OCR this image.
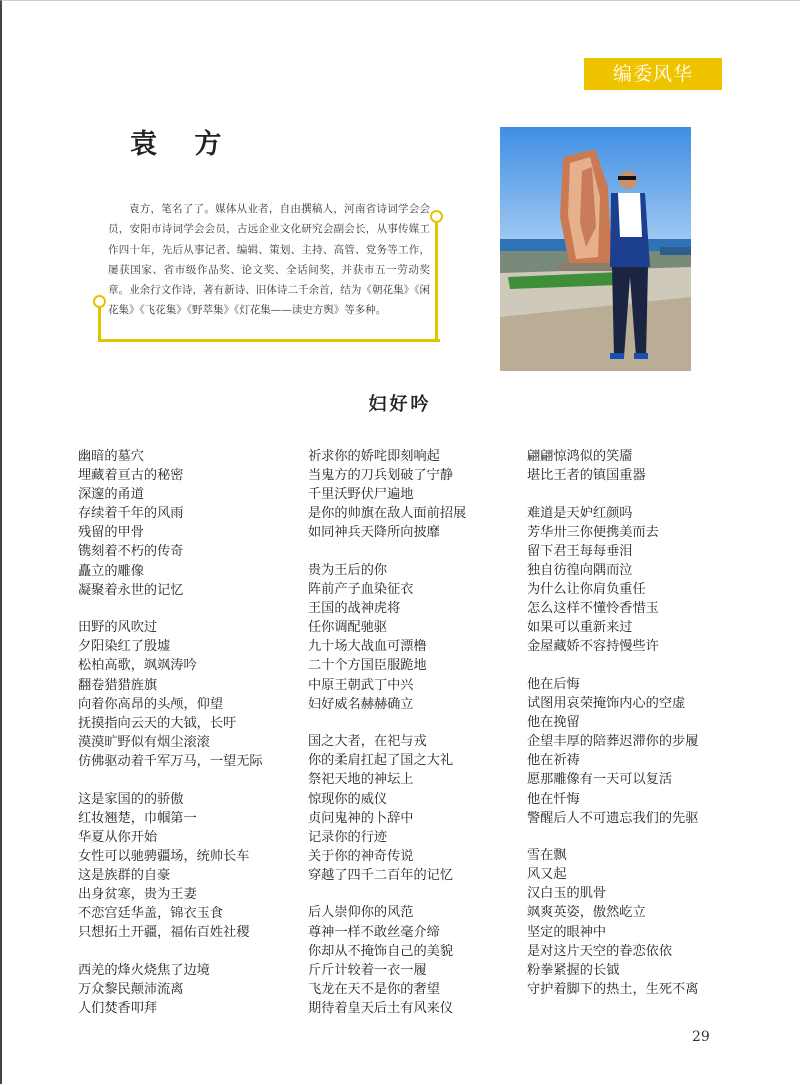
编委风华
袁 方
袁方，笔名了了。媒体从业者，自由撰稿人，河南省诗词学会会员，安阳市诗词学会会员，古远企业文化研究会副会长，从事传媒工作四十年，先后从事记者、编辑、策划、主持、高管、党务等工作，屡获国家、省市级作品奖、论文奖、全话间奖，并获市五一劳动奖章。业余行文作诗，著有新诗、旧体诗二千余首，结为《朝花集》《闲花集》《飞花集》《野萃集》《灯花集——读史方舆》等多种。
妇好吟
幽暗的墓穴
埋藏着亘古的秘密
深邃的甬道
存续着千年的风雨
残留的甲骨
镌刻着不朽的传奇
矗立的雕像
凝聚着永世的记忆
田野的风吹过
夕阳染红了殷墟
松柏高歌，飒飒涛吟
翻卷猎猎旌旗
向着你高昂的头颅，仰望
抚摸指向云天的大钺，长吁
漠漠旷野似有烟尘滚滚
仿佛驱动着千军万马，一望无际
这是家国的的骄傲
红妆翘楚，巾帼第一
华夏从你开始
女性可以驰骋疆场，统帅长车
这是族群的自豪
出身贫寒，贵为王妻
不恋宫廷华盖，锦衣玉食
只想拓土开疆，福佑百姓社稷
西羌的烽火烧焦了边境
万众黎民颠沛流离
人们焚香叩拜
祈求你的娇咤即刻响起
当鬼方的刀兵划破了宁静
千里沃野伏尸遍地
是你的帅旗在敌人面前招展
如同神兵天降所向披靡
贵为王后的你
阵前产子血染征衣
王国的战神虎将
任你调配驰驱
九十场大战血可漂橹
二十个方国臣服跪地
中原王朝武丁中兴
妇好威名赫赫确立
国之大者，在祀与戎
你的柔肩扛起了国之大礼
祭祀天地的神坛上
惊现你的威仪
贞问鬼神的卜辞中
记录你的行迹
关于你的神奇传说
穿越了四千二百年的记忆
后人崇仰你的风范
尊神一样不敢丝毫介缔
你却从不掩饰自己的美貌
斤斤计较着一衣一履
飞龙在天不是你的奢望
期待着皇天后土有风来仪
翩翩惊鸿似的笑靥
堪比王者的镇国重器
难道是天妒红颜吗
芳华卅三你便携美而去
留下君王每每垂泪
独自彷徨向隅而泣
为什么让你肩负重任
怎么这样不懂怜香惜玉
如果可以重新来过
金屋藏娇不容持慢些许
他在后悔
试图用哀荣掩饰内心的空虚
他在挽留
企望丰厚的陪葬迟滞你的步履
他在祈祷
愿那雕像有一天可以复活
他在忏悔
警醒后人不可遗忘我们的先驱
雪在飘
风又起
汉白玉的肌骨
飒爽英姿，傲然屹立
坚定的眼神中
是对这片天空的眷恋依依
粉拳紧握的长钺
守护着脚下的热土，生死不离
29
